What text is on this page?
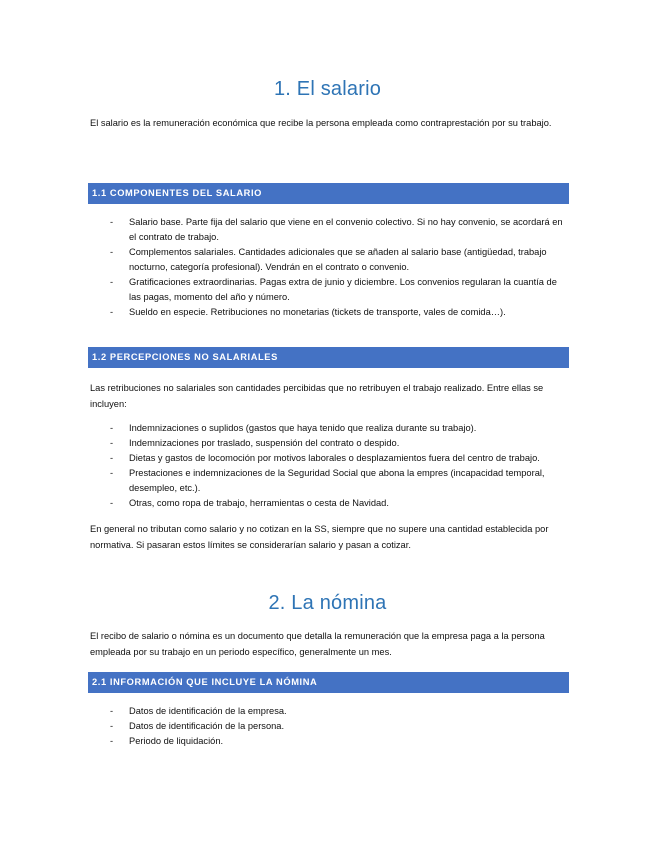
1. El salario

El salario es la remuneración económica que recibe la persona empleada como contraprestación por su trabajo.

1.1 COMPONENTES DEL SALARIO
- Salario base. Parte fija del salario que viene en el convenio colectivo. Si no hay convenio, se acordará en el contrato de trabajo.
- Complementos salariales. Cantidades adicionales que se añaden al salario base (antigüedad, trabajo nocturno, categoría profesional). Vendrán en el contrato o convenio.
- Gratificaciones extraordinarias. Pagas extra de junio y diciembre. Los convenios regularan la cuantía de las pagas, momento del año y número.
- Sueldo en especie. Retribuciones no monetarias (tickets de transporte, vales de comida…).
1.2 PERCEPCIONES NO SALARIALES

Las retribuciones no salariales son cantidades percibidas que no retribuyen el trabajo realizado. Entre ellas se incluyen:

- Indemnizaciones o suplidos (gastos que haya tenido que realiza durante su trabajo).
- Indemnizaciones por traslado, suspensión del contrato o despido.
- Dietas y gastos de locomoción por motivos laborales o desplazamientos fuera del centro de trabajo.
- Prestaciones e indemnizaciones de la Seguridad Social que abona la empres (incapacidad temporal, desempleo, etc.).
- Otras, como ropa de trabajo, herramientas o cesta de Navidad.

En general no tributan como salario y no cotizan en la SS, siempre que no supere una cantidad establecida por normativa. Si pasaran estos límites se considerarían salario y pasan a cotizar.

2. La nómina

El recibo de salario o nómina es un documento que detalla la remuneración que la empresa paga a la persona empleada por su trabajo en un periodo específico, generalmente un mes.

2.1 INFORMACIÓN QUE INCLUYE LA NÓMINA
- Datos de identificación de la empresa.
- Datos de identificación de la persona.
- Periodo de liquidación.
